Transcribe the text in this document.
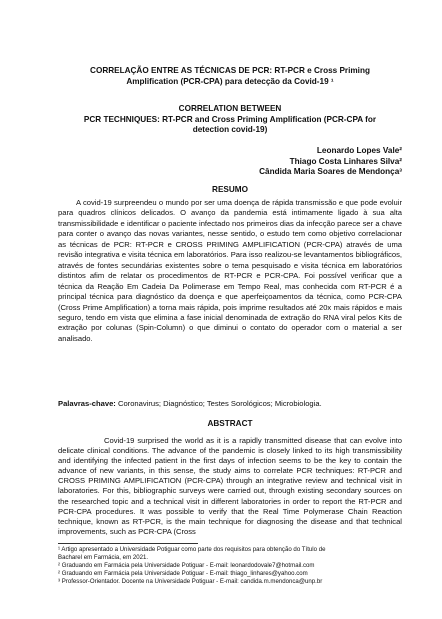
CORRELAÇÃO ENTRE AS TÉCNICAS DE PCR: RT-PCR e Cross Priming
Amplification (PCR-CPA) para detecção da Covid-19 ¹
CORRELATION BETWEEN
PCR TECHNIQUES: RT-PCR and Cross Priming Amplification (PCR-CPA for
detection covid-19)
Leonardo Lopes Vale²
Thiago Costa Linhares Silva²
Cândida Maria Soares de Mendonça³
RESUMO
A covid-19 surpreendeu o mundo por ser uma doença de rápida transmissão e que pode evoluir para quadros clínicos delicados. O avanço da pandemia está intimamente ligado à sua alta transmissibilidade e identificar o paciente infectado nos primeiros dias da infecção parece ser a chave para conter o avanço das novas variantes, nesse sentido, o estudo tem como objetivo correlacionar as técnicas de PCR: RT-PCR e CROSS PRIMING AMPLIFICATION (PCR-CPA) através de uma revisão integrativa e visita técnica em laboratórios. Para isso realizou-se levantamentos bibliográficos, através de fontes secundárias existentes sobre o tema pesquisado e visita técnica em laboratórios distintos afim de relatar os procedimentos de RT-PCR e PCR-CPA. Foi possível verificar que a técnica da Reação Em Cadeia Da Polimerase em Tempo Real, mas conhecida com RT-PCR é a principal técnica para diagnóstico da doença e que aperfeiçoamentos da técnica, como PCR-CPA (Cross Prime Amplification) a torna mais rápida, pois imprime resultados até 20x mais rápidos e mais seguro, tendo em vista que elimina a fase inicial denominada de extração do RNA viral pelos Kits de extração por colunas (Spin-Column) o que diminui o contato do operador com o material a ser analisado.
Palavras-chave: Coronavirus; Diagnóstico; Testes Sorológicos; Microbiologia.
ABSTRACT
Covid-19 surprised the world as it is a rapidly transmitted disease that can evolve into delicate clinical conditions. The advance of the pandemic is closely linked to its high transmissibility and identifying the infected patient in the first days of infection seems to be the key to contain the advance of new variants, in this sense, the study aims to correlate PCR techniques: RT-PCR and CROSS PRIMING AMPLIFICATION (PCR-CPA) through an integrative review and technical visit in laboratories. For this, bibliographic surveys were carried out, through existing secondary sources on the researched topic and a technical visit in different laboratories in order to report the RT-PCR and PCR-CPA procedures. It was possible to verify that the Real Time Polymerase Chain Reaction technique, known as RT-PCR, is the main technique for diagnosing the disease and that technical improvements, such as PCR-CPA (Cross
¹ Artigo apresentado a Universidade Potiguar como parte dos requisitos para obtenção do Título de
Bacharel em Farmácia, em 2021.
² Graduando em Farmácia pela Universidade Potiguar - E-mail: leonardodovale7@hotmail.com
² Graduando em Farmácia pela Universidade Potiguar - E-mail: thiago_linhares@yahoo.com
³ Professor-Orientador. Docente na Universidade Potiguar - E-mail: candida.m.mendonca@unp.br
